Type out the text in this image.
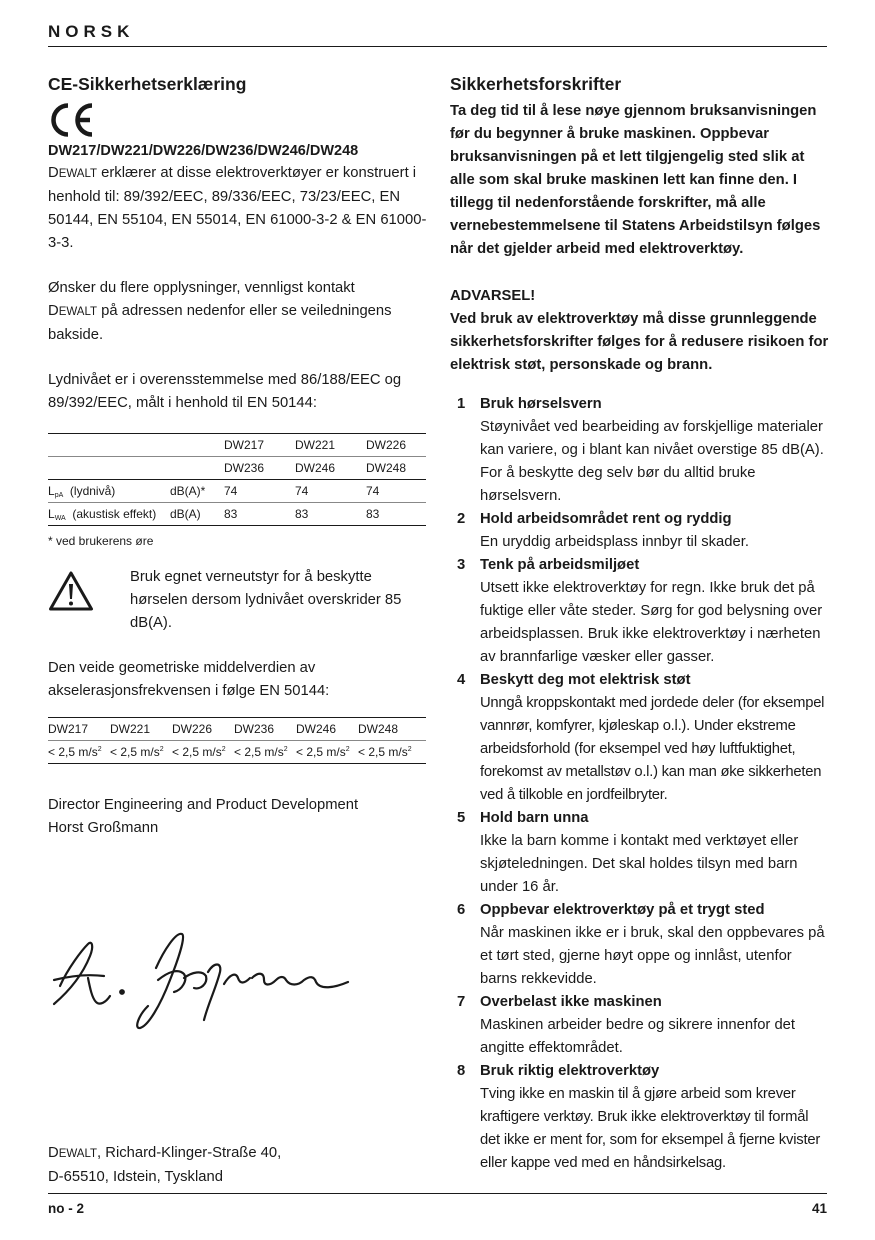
NORSK
CE-Sikkerhetserklæring
DW217/DW221/DW226/DW236/DW246/DW248

DEWALT erklærer at disse elektroverktøyer er konstruert i henhold til: 89/392/EEC, 89/336/EEC, 73/23/EEC, EN 50144, EN 55104, EN 55014, EN 61000-3-2 & EN 61000-3-3.

Ønsker du flere opplysninger, vennligst kontakt
DEWALT på adressen nedenfor eller se veiledningens bakside.

Lydnivået er i overensstemmelse med 86/188/EEC og 89/392/EEC, målt i henhold til EN 50144:

		DW217	DW221	DW226
		DW236	DW246	DW248
$L_{pA}$ (lydnivå)	dB(A)*	74	74	74
$L_{WA}$ (akustisk effekt)	dB(A)	83	83	83
* ved brukerens øre

Bruk egnet verneutstyr for å beskytte hørselen dersom lydnivået overskrider 85 dB(A).

Den veide geometriske middelverdien av akselerasjonsfrekvensen i følge EN 50144:

DW217	DW221	DW226	DW236	DW246	DW248
< 2,5 $m/s^2$	< 2,5 $m/s^2$	< 2,5 $m/s^2$	< 2,5 $m/s^2$	< 2,5 $m/s^2$	< 2,5 $m/s^2$

Director Engineering and Product Development

Horst Großmann

DEWALT, Richard-Klinger-Straße 40,

D-65510, Idstein, Tyskland

Sikkerhetsforskrifter

Ta deg tid til å lese nøye gjennom bruksanvisningen før du begynner å bruke maskinen. Oppbevar bruksanvisningen på et lett tilgjengelig sted slik at alle som skal bruke maskinen lett kan finne den. I tillegg til nedenforstående forskrifter, må alle vernebestemmelsene til Statens Arbeidstilsyn følges når det gjelder arbeid med elektroverktøy.

ADVARSEL!

Ved bruk av elektroverktøy må disse grunnleggende sikkerhetsforskrifter følges for å redusere risikoen for elektrisk støt, personskade og brann.

1 Bruk hørselsvern
Støynivået ved bearbeiding av forskjellige materialer kan variere, og i blant kan nivået overstige 85 dB(A). For å beskytte deg selv bør du alltid bruke hørselsvern.
2 Hold arbeidsområdet rent og ryddig
En uryddig arbeidsplass innbyr til skader.
3 Tenk på arbeidsmiljøet
Utsett ikke elektroverktøy for regn. Ikke bruk det på fuktige eller våte steder. Sørg for god belysning over arbeidsplassen. Bruk ikke elektroverktøy i nærheten av brannfarlige væsker eller gasser.
4 Beskytt deg mot elektrisk støt
Unngå kroppskontakt med jordede deler (for eksempel vannrør, komfyrer, kjøleskap o.l.). Under ekstreme arbeidsforhold (for eksempel ved høy luftfuktighet, forekomst av metallstøv o.l.) kan man øke sikkerheten ved å tilkoble en jordfeilbryter.
5 Hold barn unna
Ikke la barn komme i kontakt med verktøyet eller skjøteledningen. Det skal holdes tilsyn med barn under 16 år.
6 Oppbevar elektroverktøy på et trygt sted
Når maskinen ikke er i bruk, skal den oppbevares på et tørt sted, gjerne høyt oppe og innlåst, utenfor barns rekkevidde.
7 Overbelast ikke maskinen
Maskinen arbeider bedre og sikrere innenfor det angitte effektområdet.
8 Bruk riktig elektroverktøy
Tving ikke en maskin til å gjøre arbeid som krever kraftigere verktøy. Bruk ikke elektroverktøy til formål det ikke er ment for, som for eksempel å fjerne kvister eller kappe ved med en håndsirkelsag.
no - 2	41
